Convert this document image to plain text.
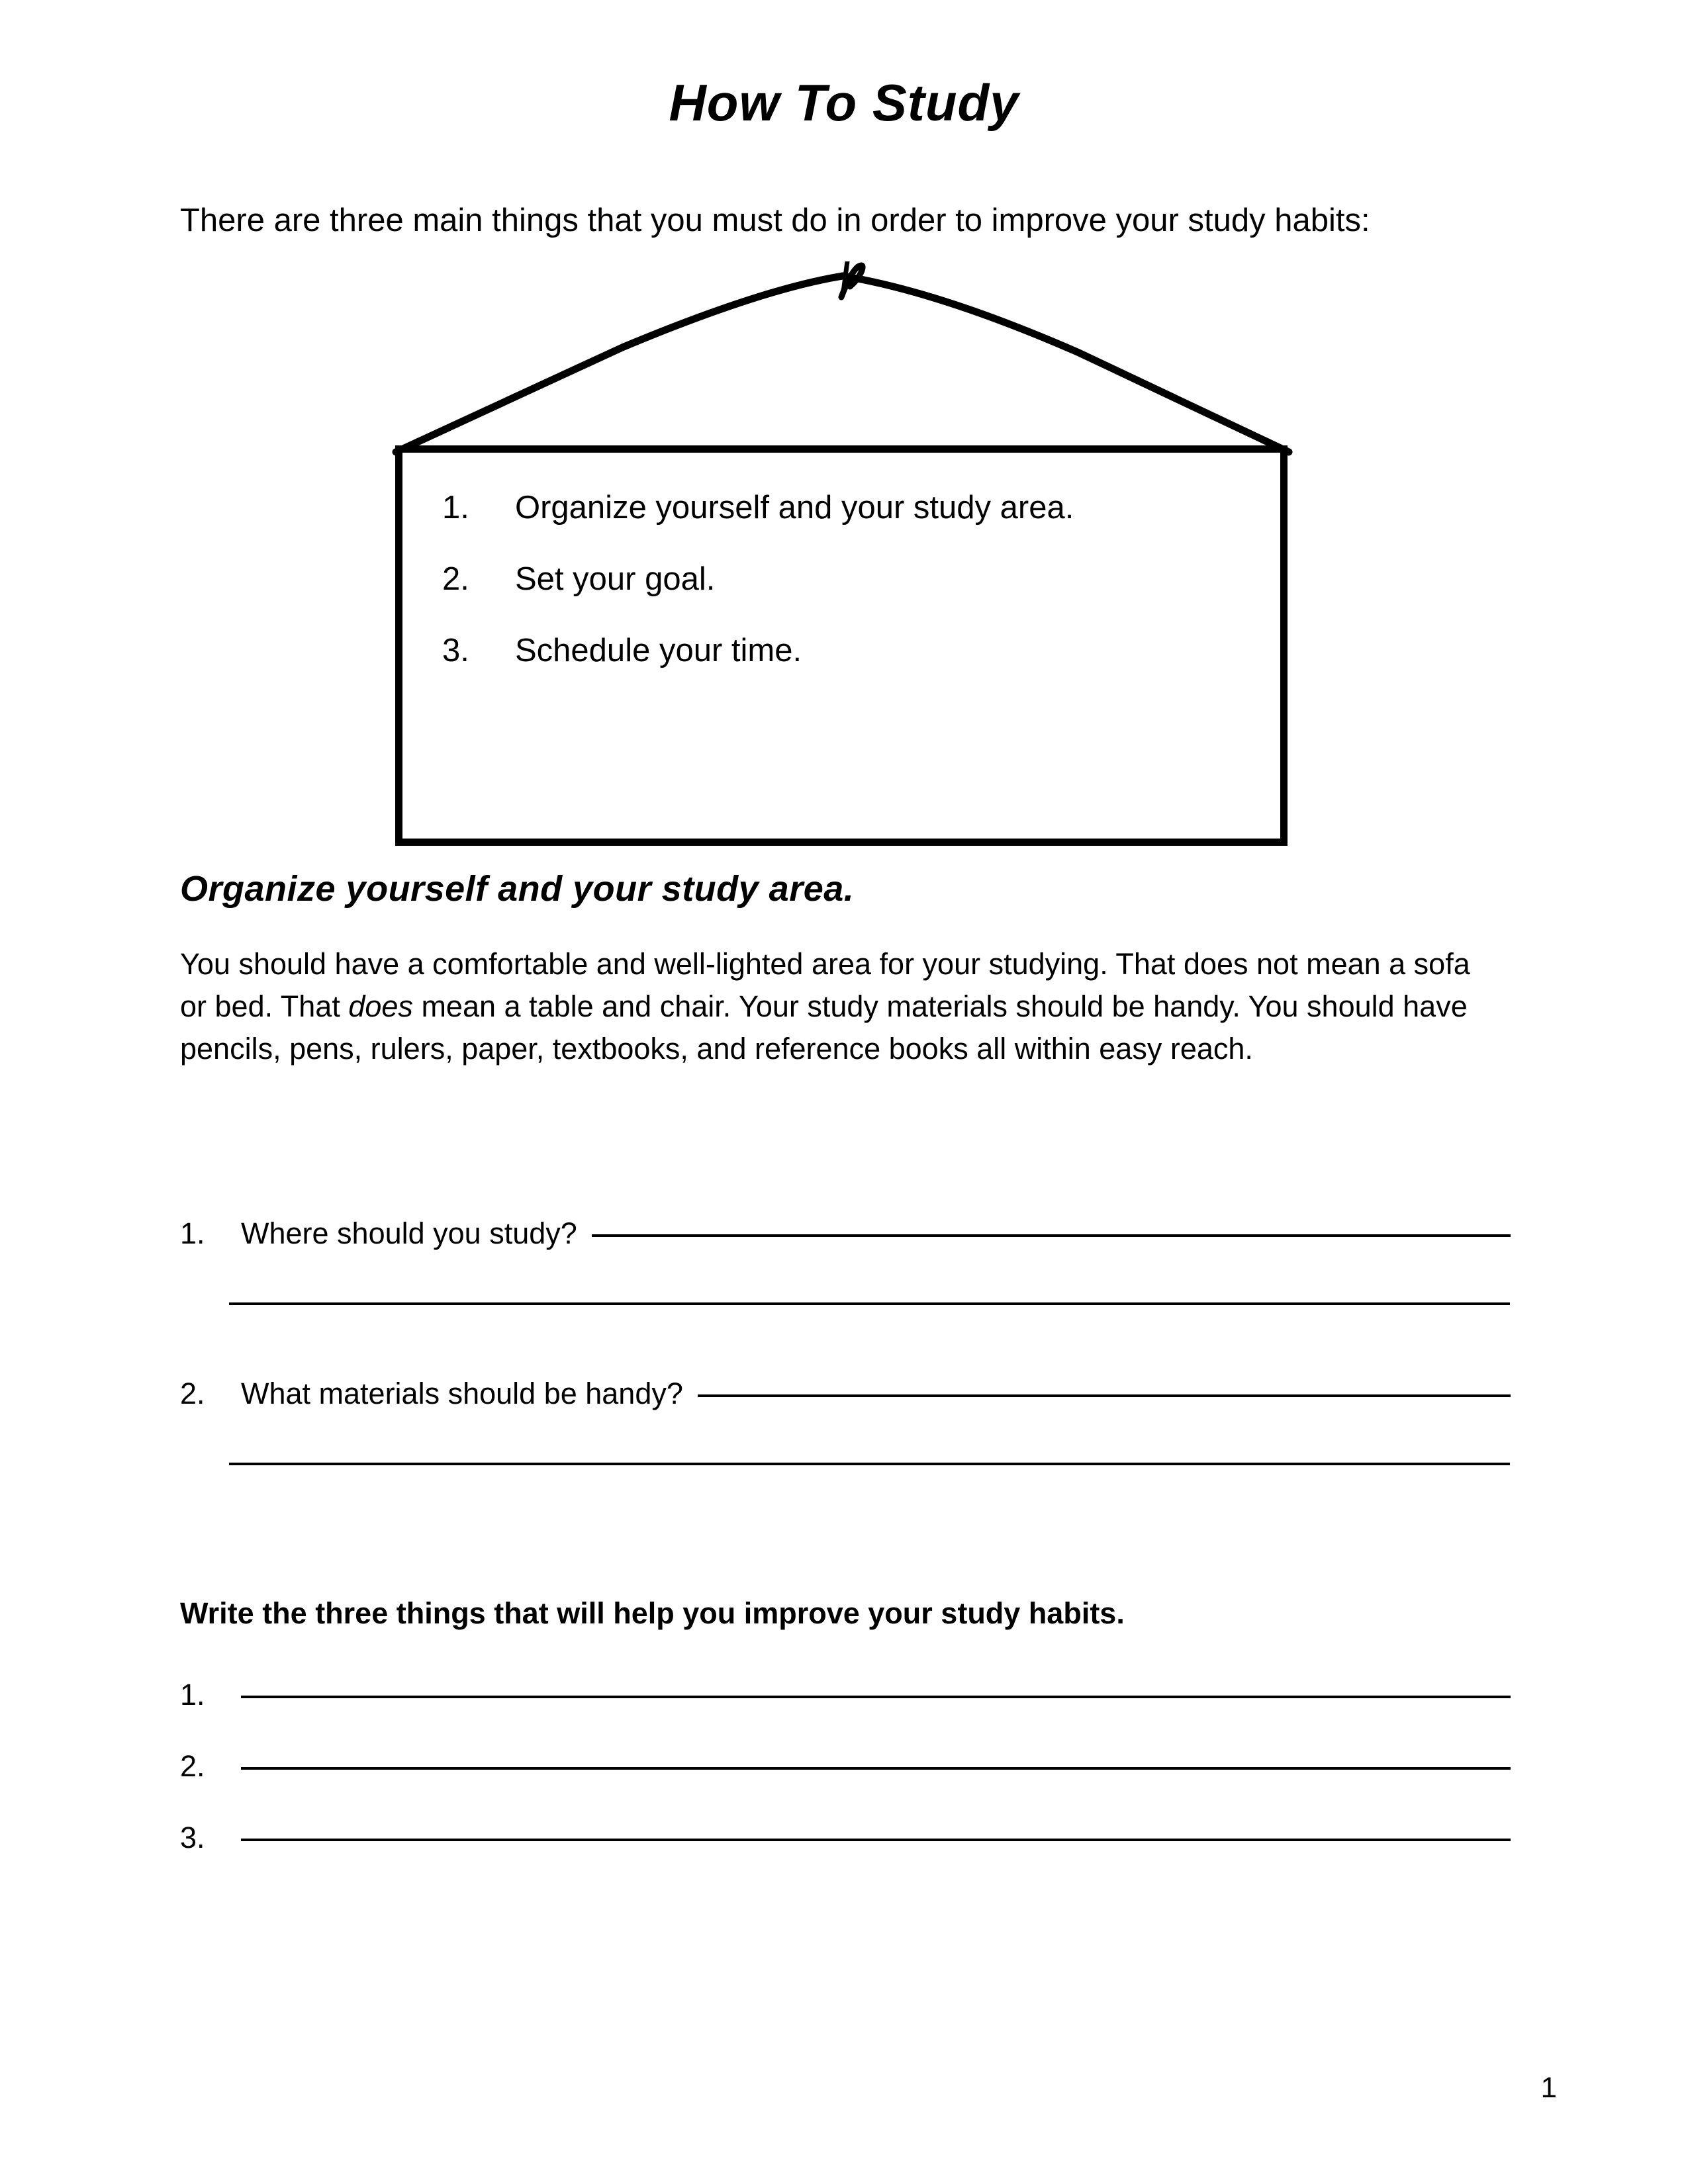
How To Study
There are three main things that you must do in order to improve your study habits:
1.	Organize yourself and your study area.
2.	Set your goal.
3.	Schedule your time.
Organize yourself and your study area.
You should have a comfortable and well-lighted area for your studying. That does not mean a sofa or bed. That does mean a table and chair. Your study materials should be handy. You should have pencils, pens, rulers, paper, textbooks, and reference books all within easy reach.
1.	Where should you study?
2.	What materials should be handy?
Write the three things that will help you improve your study habits.
1.
2.
3.
1
